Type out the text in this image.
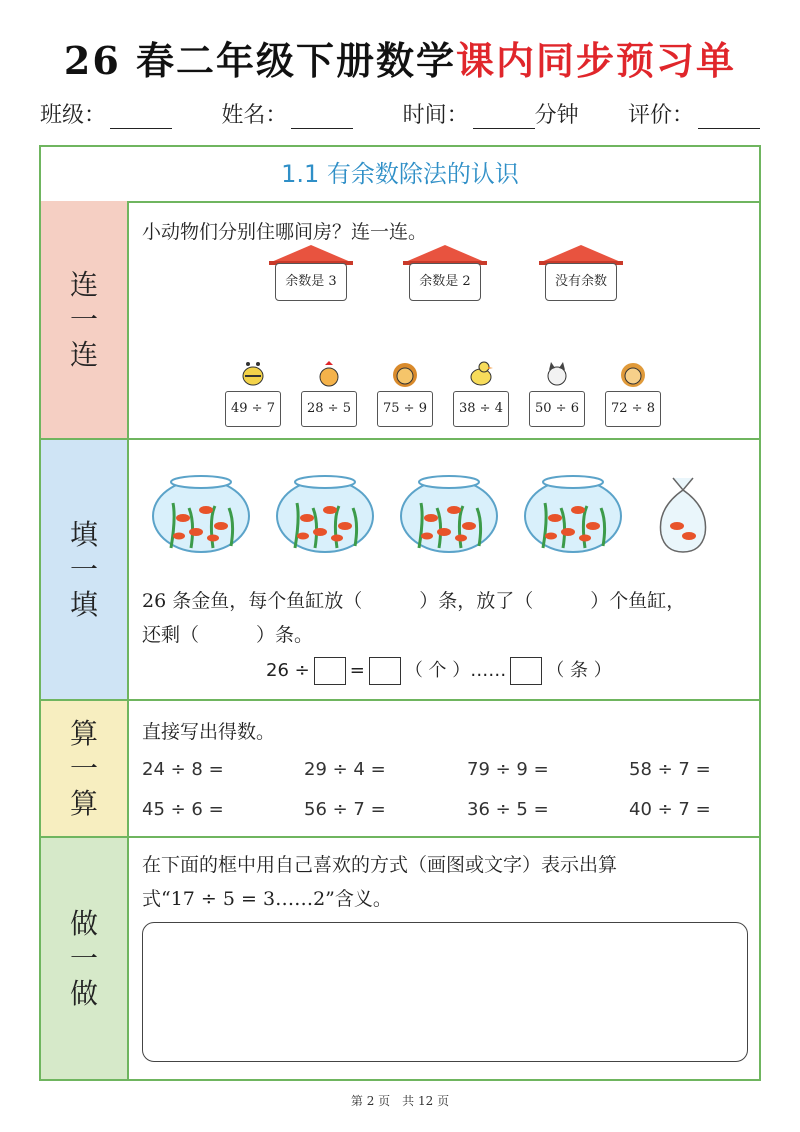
26 春二年级下册数学课内同步预习单
班级：	姓名：	时间：	分钟 评价：
1.1 有余数除法的认识
连
一
连
小动物们分别住哪间房？连一连。
余数是 3	余数是 2	没有余数
49 ÷ 7	28 ÷ 5	75 ÷ 9	38 ÷ 4	50 ÷ 6	72 ÷ 8
填
一
填 26 条金鱼，每个鱼缸放（　　　）条，放了（　　　）个鱼缸，
还剩（　　　）条。
26 ÷ = （ 个 ）…… （ 条 ）
算
一
算
直接写出得数。
24 ÷ 8 =	29 ÷ 4 =	79 ÷ 9 =	58 ÷ 7 =
45 ÷ 6 =	56 ÷ 7 =	36 ÷ 5 =	40 ÷ 7 =
做
一
做
在下面的框中用自己喜欢的方式（画图或文字）表示出算
式“17 ÷ 5 = 3……2”含义。
第 2 页　共 12 页
